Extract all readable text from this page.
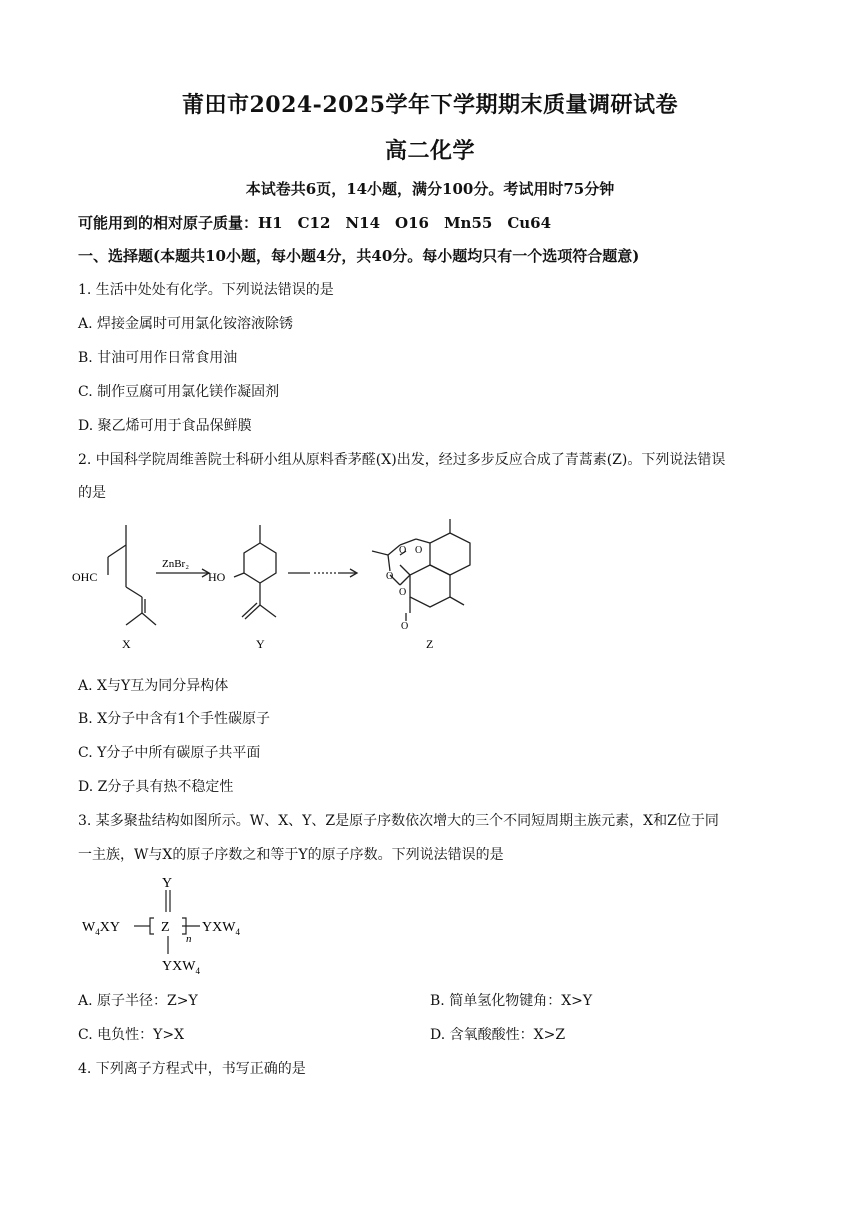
莆田市2024-2025学年下学期期末质量调研试卷
高二化学
本试卷共6页，14小题，满分100分。考试用时75分钟
可能用到的相对原子质量：H1　C12　N14　O16　Mn55　Cu64
一、选择题(本题共10小题，每小题4分，共40分。每小题均只有一个选项符合题意)
1. 生活中处处有化学。下列说法错误的是
A. 焊接金属时可用氯化铵溶液除锈
B. 甘油可用作日常食用油
C. 制作豆腐可用氯化镁作凝固剂
D. 聚乙烯可用于食品保鲜膜
2. 中国科学院周维善院士科研小组从原料香茅醛(X)出发，经过多步反应合成了青蒿素(Z)。下列说法错误
的是
OHC
X
ZnBr₂
HO
Y	Z
O O
O
O
O
A. X与Y互为同分异构体
B. X分子中含有1个手性碳原子
C. Y分子中所有碳原子共平面
D. Z分子具有热不稳定性
3. 某多聚盐结构如图所示。W、X、Y、Z是原子序数依次增大的三个不同短周期主族元素，X和Z位于同
一主族，W与X的原子序数之和等于Y的原子序数。下列说法错误的是
Y
$W_4XY$	Z
n
$YXW_4$
$YXW_4$
A. 原子半径：Z>Y	B. 简单氢化物键角：X>Y
C. 电负性：Y>X	D. 含氧酸酸性：X>Z
4. 下列离子方程式中，书写正确的是
